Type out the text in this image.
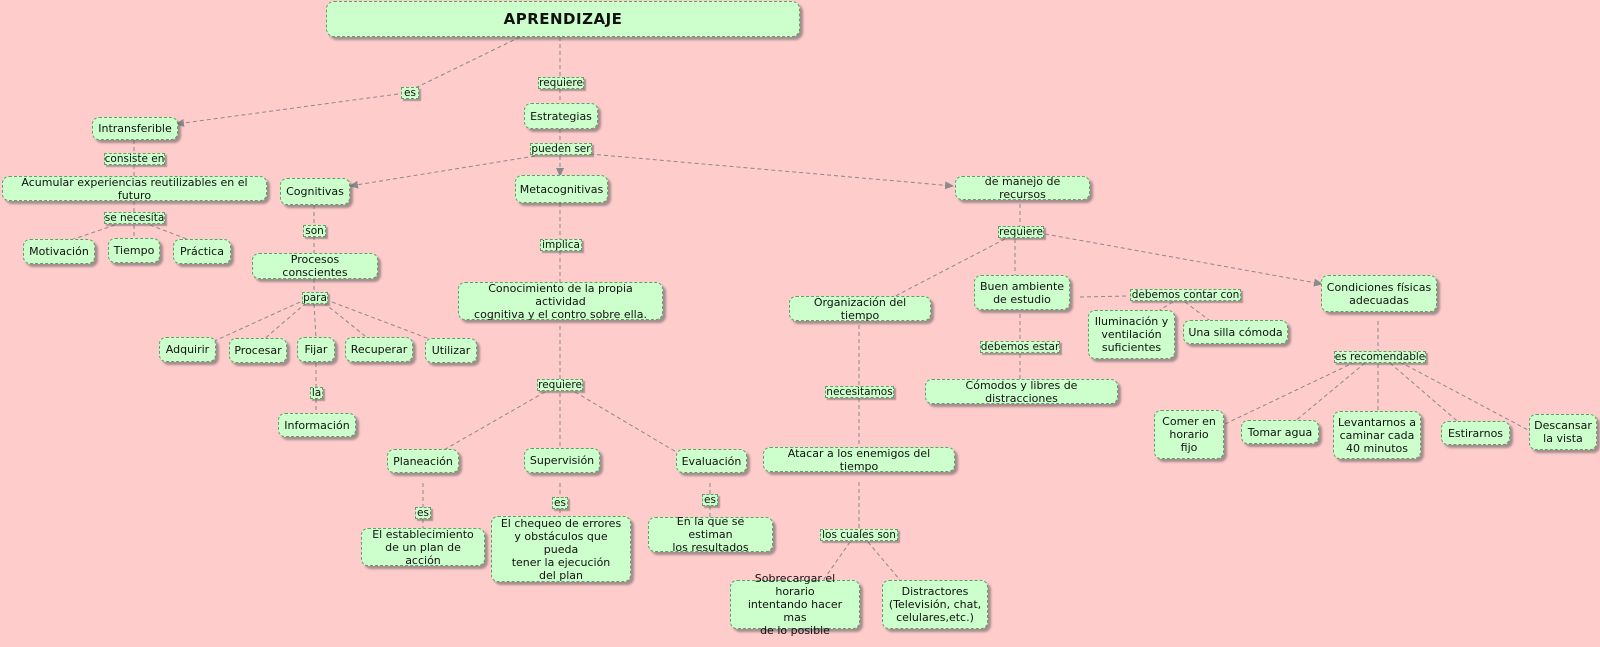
APRENDIZAJE
Intransferible
Acumular experiencias reutilizables en el futuro
Motivación	Tiempo	Práctica
Estrategias
Cognitivas
Procesos conscientes
Adquirir	Procesar	Fijar	Recuperar	Utilizar
Información
Metacognitivas
Conocimiento de la propia actividad
cognitiva y el contro sobre ella.
Planeación	Supervisión	Evaluación
El establecimiento
de un plan de acción
El chequeo de errores
y obstáculos que pueda
tener la ejecución
del plan
En la que se estiman
los resultados
de manejo de recursos
Organización del tiempo
Atacar a los enemigos del tiempo
Sobrecargar el horario
intentando hacer mas
de lo posible
Distractores
(Televisión, chat,
celulares,etc.)
Buen ambiente
de estudio
Cómodos y libres de distracciones
Iluminación y
ventilación
suficientes
Una silla cómoda
Condiciones físicas
adecuadas
Comer en
horario
fijo
Tomar agua
Levantarnos a
caminar cada
40 minutos
Estirarnos
Descansar
la vista
es
requiere
consiste en
se necesita
pueden ser
son
para
la
implica
requiere
es
es	es
requiere
necesitamos
los cuales son
debemos estar
debemos contar con
es recomendable
